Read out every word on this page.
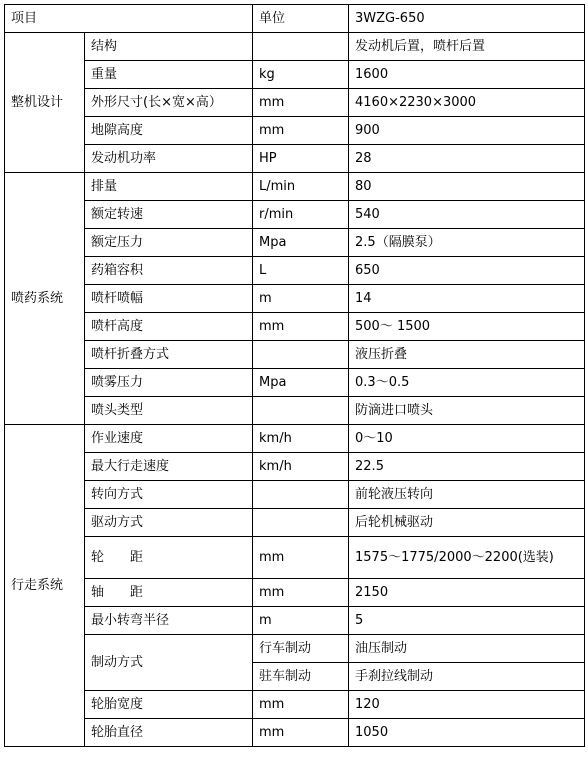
项目		单位	3WZG-650
整机设计	结构		发动机后置，喷杆后置
	重量	kg	1600
	外形尺寸(长×宽×高）	mm	4160×2230×3000
	地隙高度	mm	900
	发动机功率	HP	28
喷药系统	排量	L/min	80
	额定转速	r/min	540
	额定压力	Mpa	2.5（隔膜泵）
	药箱容积	L	650
	喷杆喷幅	m	14
	喷杆高度	mm	500～ 1500
	喷杆折叠方式		液压折叠
	喷雾压力	Mpa	0.3～0.5
	喷头类型		防滴进口喷头
行走系统	作业速度	km/h	0～10
	最大行走速度	km/h	22.5
	转向方式		前轮液压转向
	驱动方式		后轮机械驱动
	轮　　距	mm	1575～1775/2000～2200(选装)
	轴　　距	mm	2150
	最小转弯半径	m	5
	制动方式	行车制动	油压制动
		驻车制动	手刹拉线制动
	轮胎宽度	mm	120
	轮胎直径	mm	1050
